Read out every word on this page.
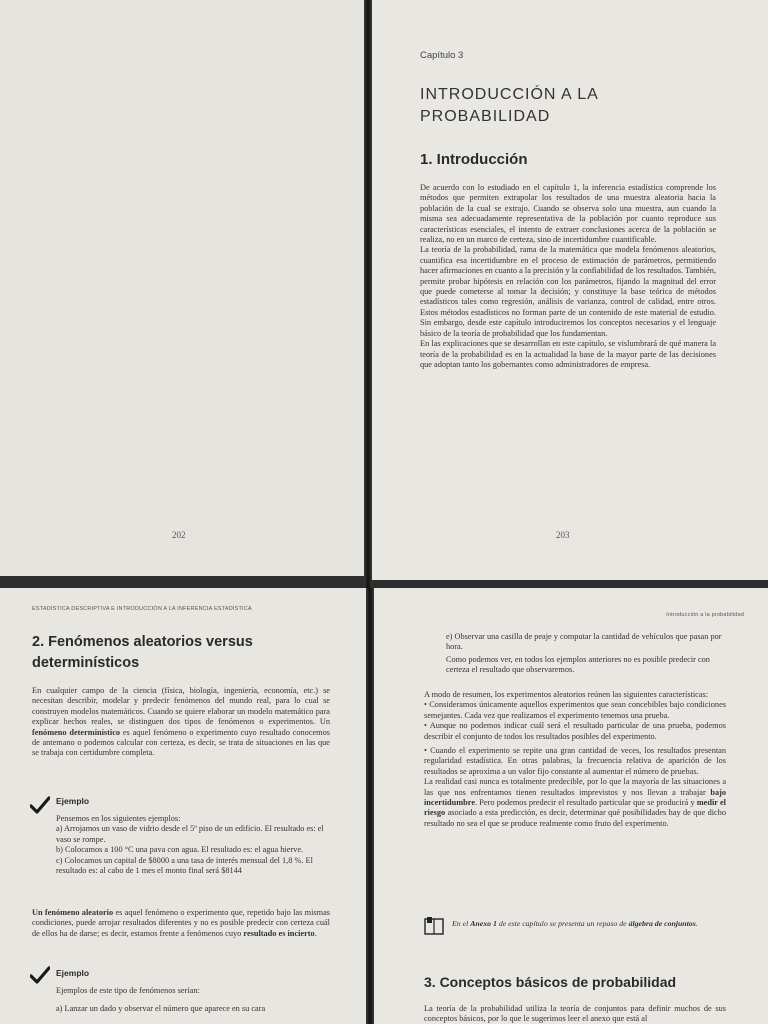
202
Capítulo 3
INTRODUCCIÓN A LA
PROBABILIDAD
1. Introducción

De acuerdo con lo estudiado en el capítulo 1, la inferencia estadística comprende los métodos que permiten extrapolar los resultados de una muestra aleatoria hacia la población de la cual se extrajo. Cuando se observa solo una muestra, aun cuando la misma sea adecuadamente representativa de la población por cuanto reproduce sus características esenciales, el intento de extraer conclusiones acerca de la población se realiza, no en un marco de certeza, sino de incertidumbre cuantificable.

La teoría de la probabilidad, rama de la matemática que modela fenómenos aleatorios, cuantifica esa incertidumbre en el proceso de estimación de parámetros, permitiendo hacer afirmaciones en cuanto a la precisión y la confiabilidad de los resultados. También, permite probar hipótesis en relación con los parámetros, fijando la magnitud del error que puede cometerse al tomar la decisión; y constituye la base teórica de métodos estadísticos tales como regresión, análisis de varianza, control de calidad, entre otros. Estos métodos estadísticos no forman parte de un contenido de este material de estudio. Sin embargo, desde este capítulo introduciremos los conceptos necesarios y el lenguaje básico de la teoría de probabilidad que los fundamentan.

En las explicaciones que se desarrollan en este capítulo, se vislumbrará de qué manera la teoría de la probabilidad es en la actualidad la base de la mayor parte de las decisiones que adoptan tanto los gobernantes como administradores de empresa.

203
ESTADÍSTICA DESCRIPTIVA E INTRODUCCIÓN A LA INFERENCIA ESTADÍSTICA
2. Fenómenos aleatorios versus
determinísticos
En cualquier campo de la ciencia (física, biología, ingeniería, economía, etc.) se necesitan describir, modelar y predecir fenómenos del mundo real, para lo cual se construyen modelos matemáticos. Cuando se quiere elaborar un modelo matemático para explicar hechos reales, se distinguen dos tipos de fenómenos o experimentos. Un fenómeno determinístico es aquel fenómeno o experimento cuyo resultado conocemos de antemano o podemos calcular con certeza, es decir, se trata de situaciones en las que se trabaja con certidumbre completa.
Ejemplo
Pensemos en los siguientes ejemplos:
a) Arrojamos un vaso de vidrio desde el 5º piso de un edificio. El resultado es: el vaso se rompe.
b) Colocamos a 100 °C una pava con agua. El resultado es: el agua hierve.
c) Colocamos un capital de $8000 a una tasa de interés mensual del 1,8 %. El resultado es: al cabo de 1 mes el monto final será $8144
Un fenómeno aleatorio es aquel fenómeno o experimento que, repetido bajo las mismas condiciones, puede arrojar resultados diferentes y no es posible predecir con certeza cuál de ellos ha de darse; es decir, estamos frente a fenómenos cuyo resultado es incierto.
Ejemplo
Ejemplos de este tipo de fenómenos serían:
a) Lanzar un dado y observar el número que aparece en su cara
Introducción a la probabilidad
e) Observar una casilla de peaje y computar la cantidad de vehículos que pasan por hora.
Como podemos ver, en todos los ejemplos anteriores no es posible predecir con certeza el resultado que observaremos.

A modo de resumen, los experimentos aleatorios reúnen las siguientes características:

• Consideramos únicamente aquellos experimentos que sean concebibles bajo condiciones semejantes. Cada vez que realizamos el experimento tenemos una prueba.

• Aunque no podemos indicar cuál será el resultado particular de una prueba, podemos describir el conjunto de todos los resultados posibles del experimento.

• Cuando el experimento se repite una gran cantidad de veces, los resultados presentan regularidad estadística. En otras palabras, la frecuencia relativa de aparición de los resultados se aproxima a un valor fijo constante al aumentar el número de pruebas.

La realidad casi nunca es totalmente predecible, por lo que la mayoría de las situaciones a las que nos enfrentamos tienen resultados imprevistos y nos llevan a trabajar bajo incertidumbre. Pero podemos predecir el resultado particular que se producirá y medir el riesgo asociado a esta predicción, es decir, determinar qué posibilidades hay de que dicho resultado no sea el que se produce realmente como fruto del experimento.

En el Anexo 1 de este capítulo se presenta un repaso de álgebra de conjuntos.
3. Conceptos básicos de probabilidad
La teoría de la probabilidad utiliza la teoría de conjuntos para definir muchos de sus conceptos básicos, por lo que le sugerimos leer el anexo que está al
